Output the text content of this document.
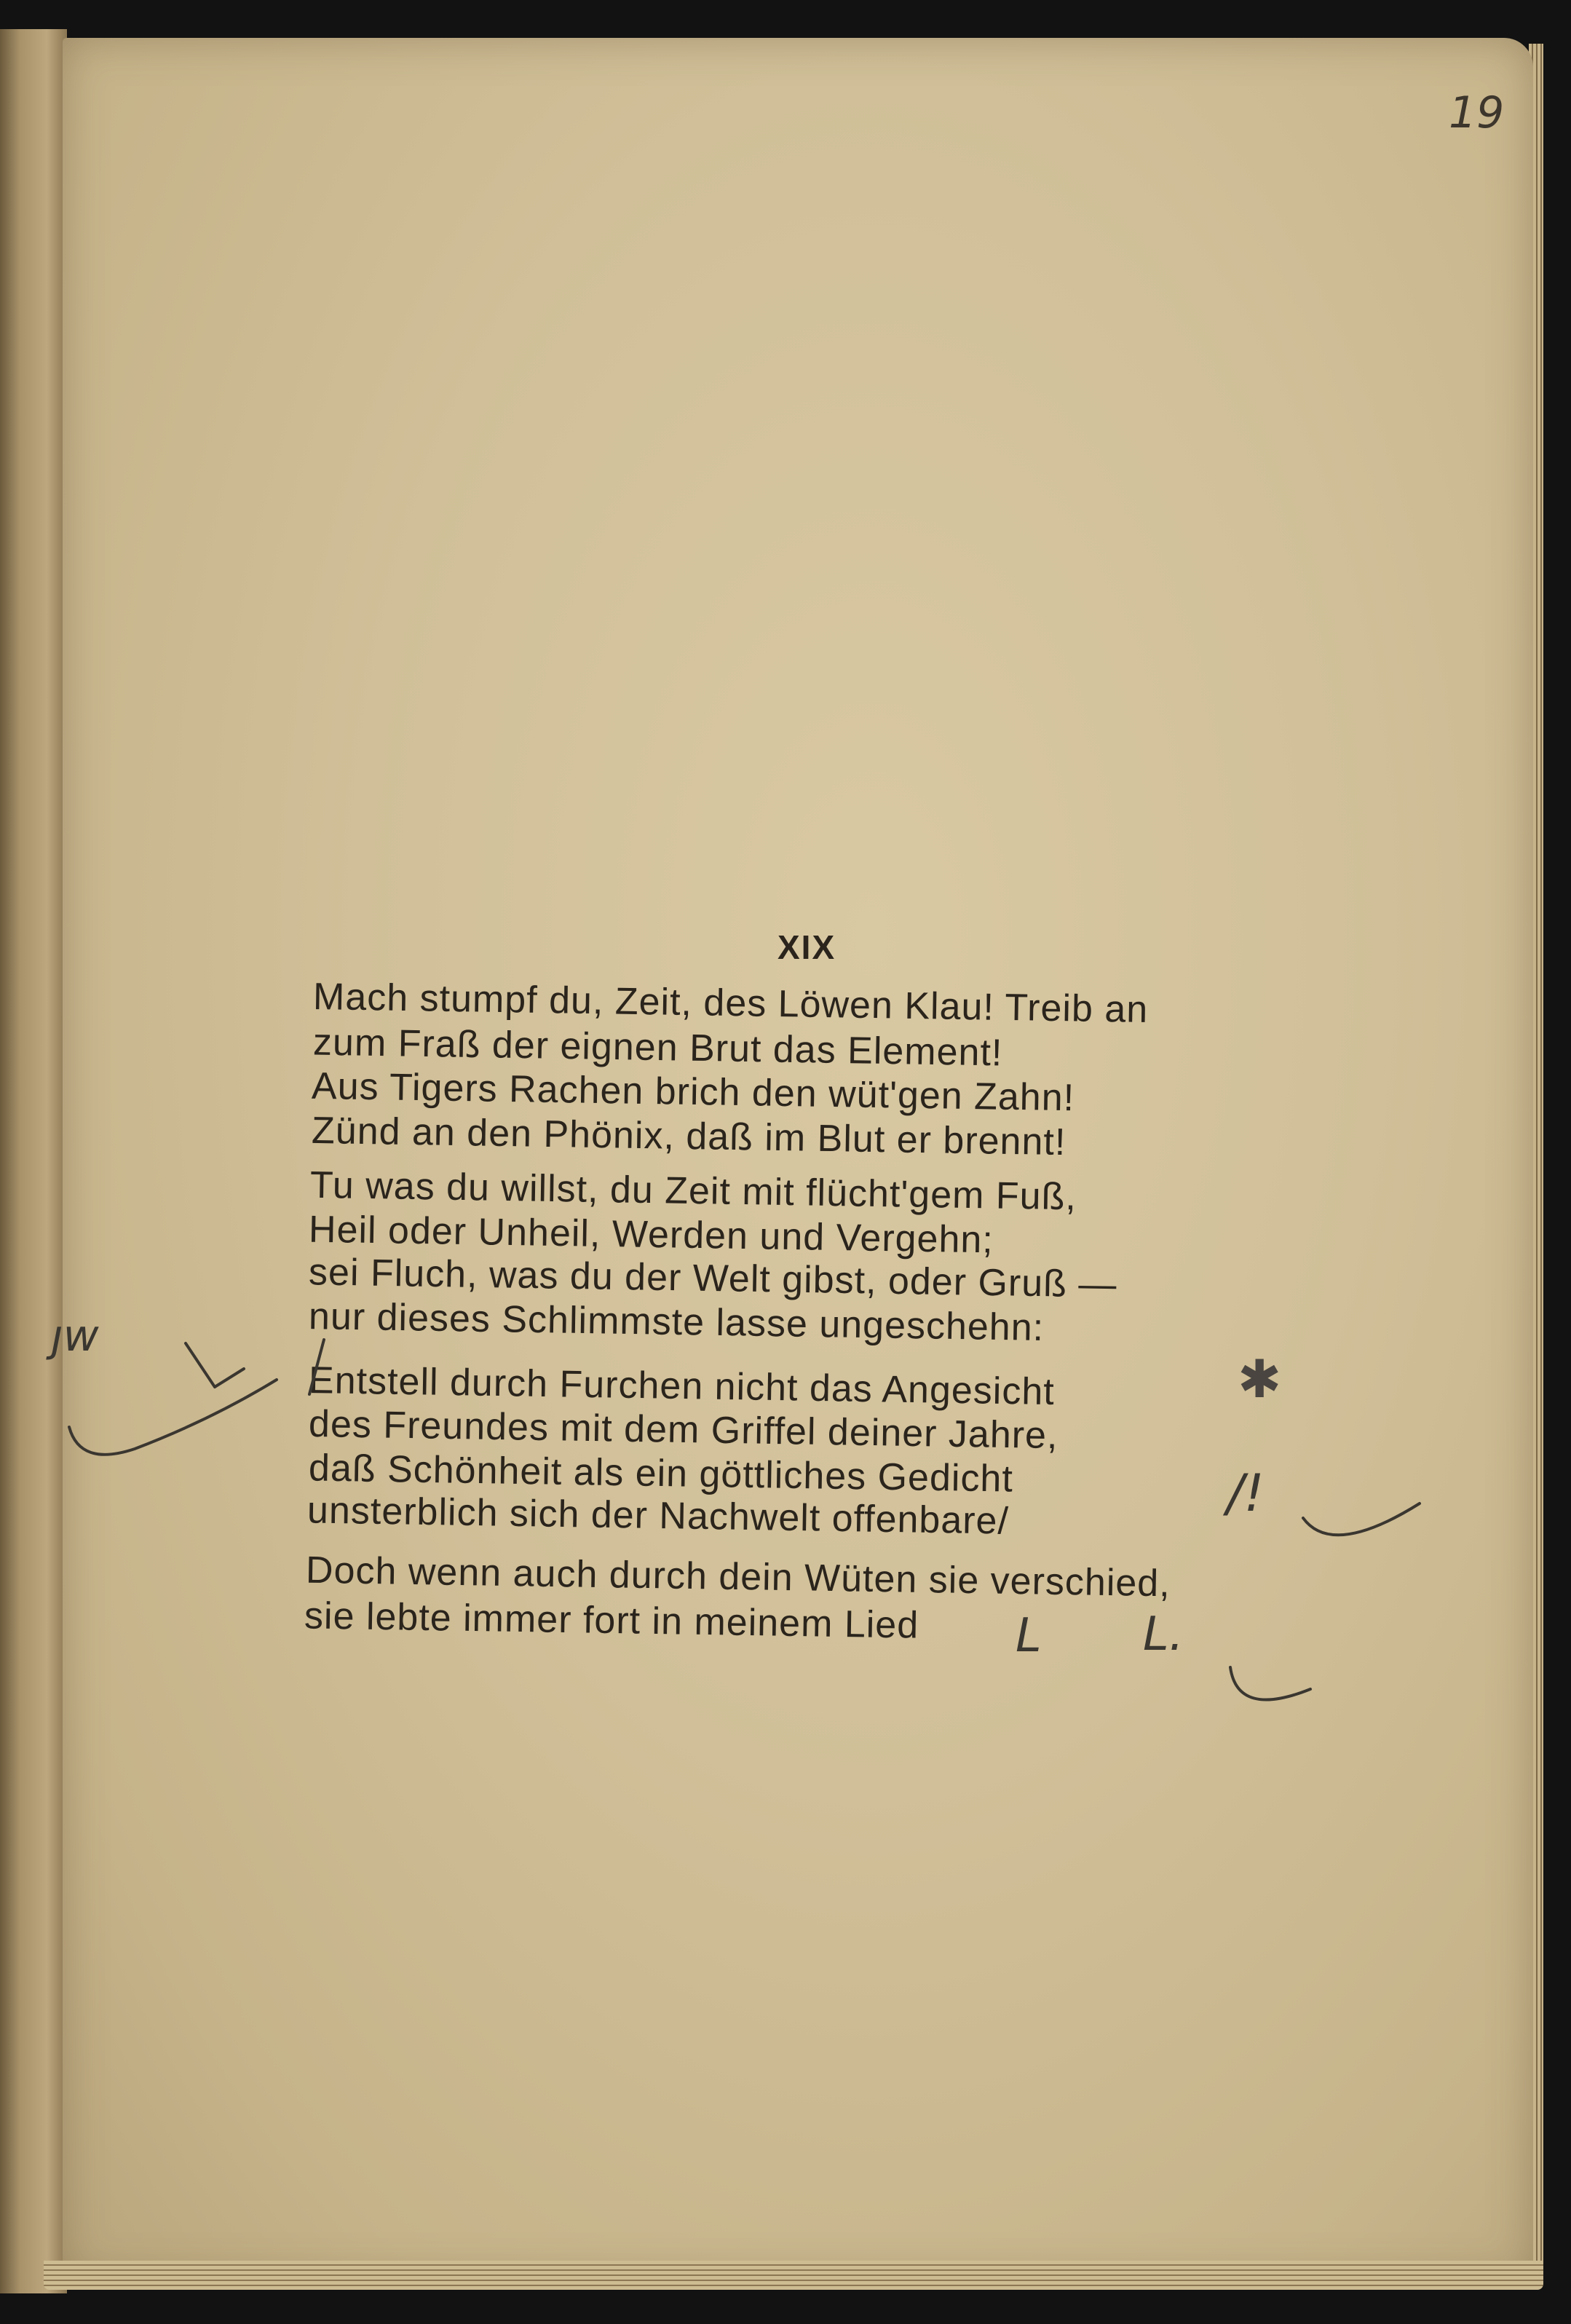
19
XIX
Mach stumpf du, Zeit, des Löwen Klau! Treib an
zum Fraß der eignen Brut das Element!
Aus Tigers Rachen brich den wüt'gen Zahn!
Zünd an den Phönix, daß im Blut er brennt!
Tu was du willst, du Zeit mit flücht'gem Fuß,
Heil oder Unheil, Werden und Vergehn;
sei Fluch, was du der Welt gibst, oder Gruß —
nur dieses Schlimmste lasse ungeschehn:
Entstell durch Furchen nicht das Angesicht
des Freundes mit dem Griffel deiner Jahre,
daß Schönheit als ein göttliches Gedicht
unsterblich sich der Nachwelt offenbare/
Doch wenn auch durch dein Wüten sie verschied,
sie lebte immer fort in meinem Lied
ȷw
✱
/!
L L.
